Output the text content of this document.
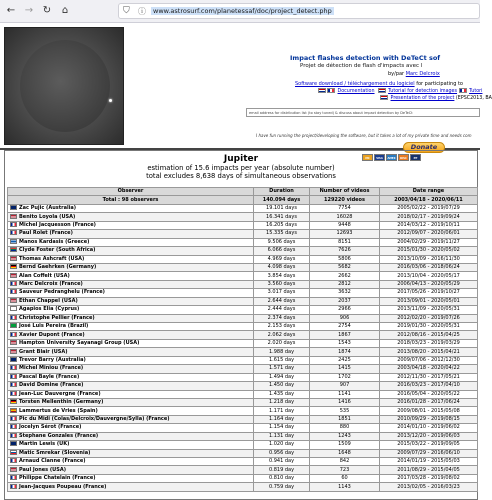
← → ↻	⌂	⛉ ⓘ	www.astrosurf.com/planetessaf/doc/project_detect.php
Impact flashes detection with DeTeCt sof
Projet de détection de flash d'impacts avec l
by/par Marc Delcroix
Software download / téléchargement du logiciel for participating to
Documentation	Tutorial for detection images	Tutori
Presentation of the project (EPSC2013, BA
email address for distribution list (to stay tuned) & discuss about impact detection by DeTeCt
I have fun running the project/developing the software, but it takes a lot of my private time and needs com
Donate
MC	VISA	AMEX	DISC	PP
Jupiter
estimation of 15.6 impacts per year (absolute number)
total excludes 8,638 days of simultaneous observations
Observer	Duration	Number of videos	Date range
Total : 98 observers	140.094 days	129220 videos	2003/04/18 - 2020/06/11
Zac Pujic (Australia)	19.101 days	7754	2005/02/22 - 2019/07/29
Benito Loyola (USA)	16.341 days	16028	2018/02/17 - 2019/09/24
Michel Jacquesson (France)	16.205 days	9448	2014/03/12 - 2019/10/11
Paul Rolet (France)	15.335 days	12693	2012/09/07 - 2020/06/01
Manos Kardasis (Greece)	9.506 days	8151	2004/02/29 - 2019/11/27
Clyde Foster (South Africa)	6.066 days	7626	2015/01/30 - 2020/05/02
Thomas Ashcraft (USA)	4.969 days	5806	2013/10/09 - 2016/11/30
Bernd Gaehrken (Germany)	4.098 days	5682	2016/03/06 - 2018/06/24
Alan Coffelt (USA)	3.854 days	2662	2013/10/04 - 2020/05/17
Marc Delcroix (France)	3.560 days	2812	2006/04/13 - 2020/05/29
Sauveur Pedranghelu (France)	3.017 days	3632	2017/05/26 - 2019/10/27
Ethan Chappel (USA)	2.644 days	2037	2013/09/01 - 2020/05/01
Agapios Elia (Cyprus)	2.444 days	2966	2013/11/09 - 2020/05/31
Christophe Pellier (France)	2.374 days	906	2012/02/20 - 2019/07/26
José Luis Pereira (Brazil)	2.153 days	2754	2019/01/30 - 2020/05/31
Xavier Dupont (France)	2.062 days	1867	2012/08/16 - 2015/04/25
Hampton University Sayanagi Group (USA)	2.020 days	1543	2018/03/23 - 2019/03/29
Grant Blair (USA)	1.988 day	1874	2013/08/20 - 2015/04/21
Trevor Barry (Australia)	1.615 day	2425	2009/07/06 - 2012/12/30
Michel Miniou (France)	1.571 day	1415	2003/04/18 - 2020/04/22
Pascal Bayle (France)	1.494 day	1702	2012/11/30 - 2017/05/21
David Domine (France)	1.450 day	907	2016/03/23 - 2017/04/10
Jean-Luc Dauvergne (France)	1.435 day	1141	2016/05/04 - 2020/05/22
Torsten Mellenthin (Germany)	1.218 day	1416	2016/01/28 - 2017/06/24
Lammertus de Vries (Spain)	1.171 day	535	2009/08/01 - 2015/05/08
Pic du Midi (Colas/Delcroix/Dauvergne/Sylla) (France)	1.164 day	1851	2010/09/29 - 2019/08/15
Jocelyn Sérot (France)	1.154 day	880	2014/01/10 - 2019/06/02
Stephane Gonzales (France)	1.131 day	1243	2013/12/20 - 2019/06/03
Martin Lewis (UK)	1.020 day	1509	2015/03/22 - 2019/09/05
Matic Smrekar (Slovenia)	0.956 day	1648	2009/07/29 - 2016/06/10
Arnaud Clanne (France)	0.941 day	842	2014/01/19 - 2015/05/03
Paul Jones (USA)	0.819 day	723	2011/08/29 - 2015/04/05
Philippe Chatelain (France)	0.810 day	60	2017/03/28 - 2019/08/02
Jean-Jacques Poupeau (France)	0.759 day	1143	2013/02/05 - 2016/03/23
